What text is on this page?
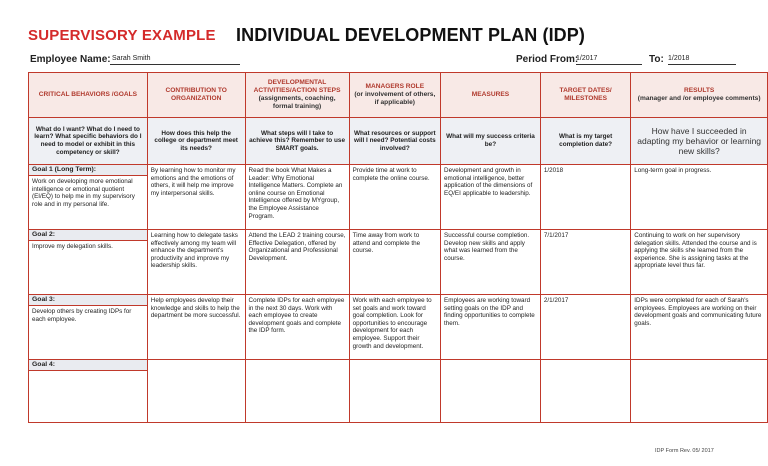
SUPERVISORY EXAMPLE INDIVIDUAL DEVELOPMENT PLAN (IDP)
Employee Name: Sarah Smith	Period From:
1/2017	To: 1/2018
CRITICAL BEHAVIORS /GOALS	CONTRIBUTION TO ORGANIZATION	DEVELOPMENTAL ACTIVITIES/ACTION STEPS
(assignments, coaching, formal training)	MANAGERS ROLE
(or involvement of others, if applicable)	MEASURES	TARGET DATES/ MILESTONES	RESULTS
(manager and /or employee comments)
What do I want? What do I need to learn? What specific behaviors do I need to model or exhibit in this competency or skill?	How does this help the college or department meet its needs?	What steps will I take to achieve this? Remember to use SMART goals.	What resources or support will I need? Potential costs involved?	What will my success criteria be?	What is my target completion date?	How have I succeeded in adapting my behavior or learning new skills?

Goal 1 (Long Term):
Work on developing more emotional intelligence or emotional quotient (EI/EQ) to help me in my supervisory role and in my personal life.	By learning how to monitor my emotions and the emotions of others, it will help me improve my interpersonal skills.	Read the book What Makes a Leader: Why Emotional Intelligence Matters. Complete an online course on Emotional Intelligence offered by MYgroup, the Employee Assistance Program.	Provide time at work to complete the online course.	Development and growth in emotional intelligence, better application of the dimensions of EQ/EI applicable to leadership.	1/2018	Long-term goal in progress.

Goal 2:
Improve my delegation skills.	Learning how to delegate tasks effectively among my team will enhance the department's productivity and improve my leadership skills.	Attend the LEAD 2 training course, Effective Delegation, offered by Organizational and Professional Development.	Time away from work to attend and complete the course.	Successful course completion. Develop new skills and apply what was learned from the course.	7/1/2017	Continuing to work on her supervisory delegation skills. Attended the course and is applying the skills she learned from the experience. She is assigning tasks at the appropriate level thus far.

Goal 3:
Develop others by creating IDPs for each employee.	Help employees develop their knowledge and skills to help the department be more successful.	Complete IDPs for each employee in the next 30 days. Work with each employee to create development goals and complete the IDP form.	Work with each employee to set goals and work toward goal completion. Look for opportunities to encourage development for each employee. Support their growth and development.	Employees are working toward setting goals on the IDP and finding opportunities to complete them.	2/1/2017	IDPs were completed for each of Sarah's employees. Employees are working on their development goals and communicating future goals.

Goal 4:						

IDP Form Rev. 05/ 2017
